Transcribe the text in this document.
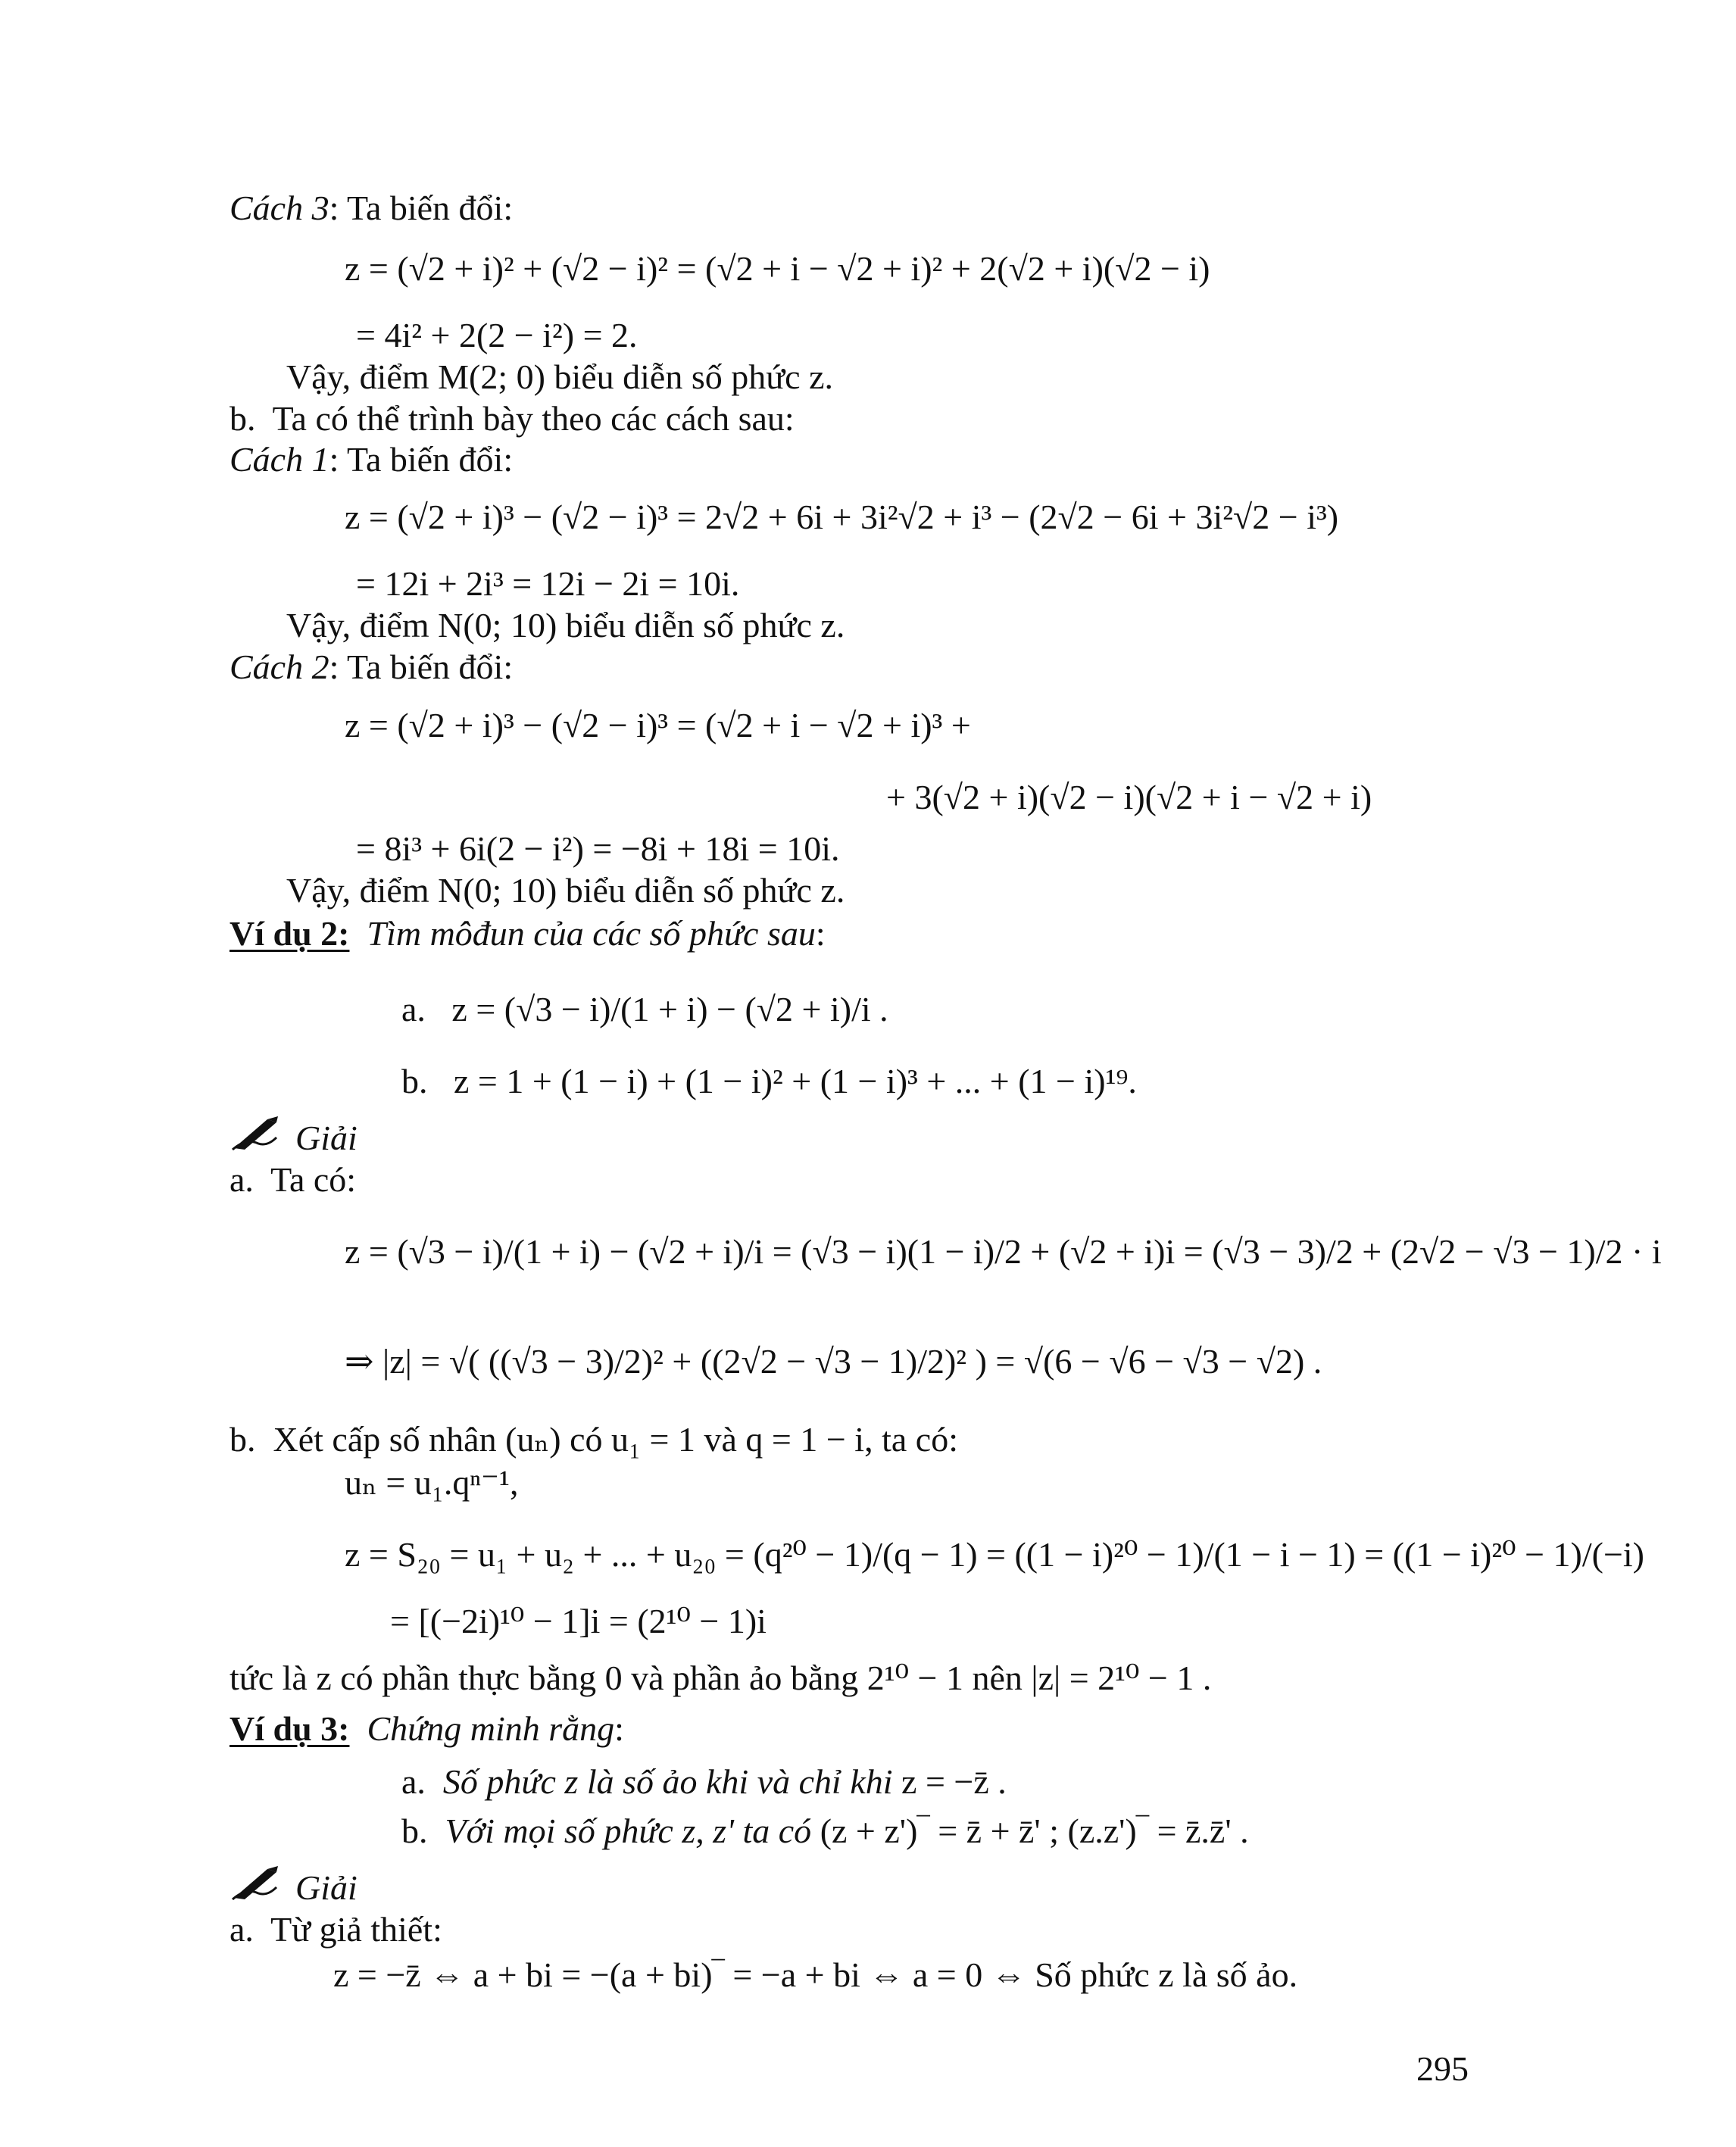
Cách 3: Ta biến đổi:
z = (√2 + i)² + (√2 − i)² = (√2 + i − √2 + i)² + 2(√2 + i)(√2 − i)
= 4i² + 2(2 − i²) = 2.
Vậy, điểm M(2; 0) biểu diễn số phức z.
b.  Ta có thể trình bày theo các cách sau:
Cách 1: Ta biến đổi:
z = (√2 + i)³ − (√2 − i)³ = 2√2 + 6i + 3i²√2 + i³ − (2√2 − 6i + 3i²√2 − i³)
= 12i + 2i³ = 12i − 2i = 10i.
Vậy, điểm N(0; 10) biểu diễn số phức z.
Cách 2: Ta biến đổi:
z = (√2 + i)³ − (√2 − i)³ = (√2 + i − √2 + i)³ +
+ 3(√2 + i)(√2 − i)(√2 + i − √2 + i)
= 8i³ + 6i(2 − i²) = −8i + 18i = 10i.
Vậy, điểm N(0; 10) biểu diễn số phức z.
Ví dụ 2: Tìm môđun của các số phức sau:
a.   z = (√3 − i)/(1 + i) − (√2 + i)/i .
b.   z = 1 + (1 − i) + (1 − i)² + (1 − i)³ + ... + (1 − i)¹⁹.
Giải
a.  Ta có:
z = (√3 − i)/(1 + i) − (√2 + i)/i = (√3 − i)(1 − i)/2 + (√2 + i)i = (√3 − 3)/2 + (2√2 − √3 − 1)/2 · i
⇒ |z| = √( ((√3 − 3)/2)² + ((2√2 − √3 − 1)/2)² ) = √(6 − √6 − √3 − √2) .
b.  Xét cấp số nhân (uₙ) có u₁ = 1 và q = 1 − i, ta có:
uₙ = u₁.qⁿ⁻¹,
z = S₂₀ = u₁ + u₂ + ... + u₂₀ = (q²⁰ − 1)/(q − 1) = ((1 − i)²⁰ − 1)/(1 − i − 1) = ((1 − i)²⁰ − 1)/(−i)
= [(−2i)¹⁰ − 1]i = (2¹⁰ − 1)i
tức là z có phần thực bằng 0 và phần ảo bằng 2¹⁰ − 1 nên |z| = 2¹⁰ − 1 .
Ví dụ 3: Chứng minh rằng:
a.  Số phức z là số ảo khi và chỉ khi z = −z̄ .
b.  Với mọi số phức z, z' ta có (z + z')‾ = z̄ + z̄' ; (z.z')‾ = z̄.z̄' .
Giải
a.  Từ giả thiết:
z = −z̄ ⇔ a + bi = −(a + bi)‾ = −a + bi ⇔ a = 0 ⇔ Số phức z là số ảo.
295
